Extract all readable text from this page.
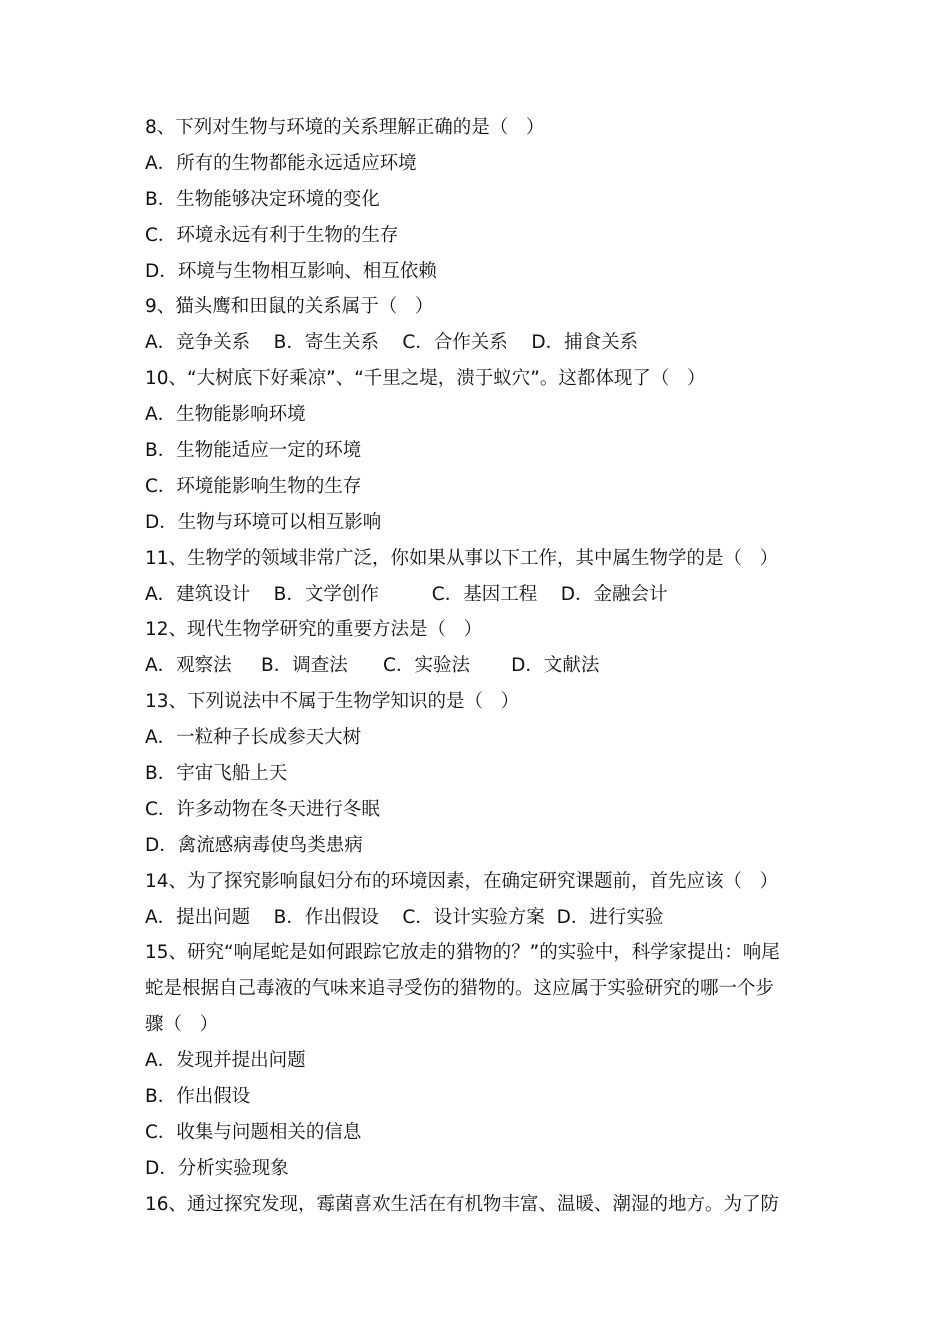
8、下列对生物与环境的关系理解正确的是（   ）
A．所有的生物都能永远适应环境
B．生物能够决定环境的变化
C．环境永远有利于生物的生存
D．环境与生物相互影响、相互依赖
9、猫头鹰和田鼠的关系属于（   ）
A．竞争关系    B．寄生关系    C．合作关系    D．捕食关系
10、“大树底下好乘凉”、“千里之堤，溃于蚁穴”。这都体现了（   ）
A．生物能影响环境
B．生物能适应一定的环境
C．环境能影响生物的生存
D．生物与环境可以相互影响
11、生物学的领域非常广泛，你如果从事以下工作，其中属生物学的是（   ）
A．建筑设计    B．文学创作         C．基因工程    D．金融会计
12、现代生物学研究的重要方法是（   ）
A．观察法     B．调查法      C．实验法       D．文献法
13、下列说法中不属于生物学知识的是（   ）
A．一粒种子长成参天大树
B．宇宙飞船上天
C．许多动物在冬天进行冬眠
D．禽流感病毒使鸟类患病
14、为了探究影响鼠妇分布的环境因素，在确定研究课题前，首先应该（   ）
A．提出问题    B．作出假设    C．设计实验方案  D．进行实验
15、研究“响尾蛇是如何跟踪它放走的猎物的？”的实验中，科学家提出：响尾
蛇是根据自己毒液的气味来追寻受伤的猎物的。这应属于实验研究的哪一个步
骤（   ）
A．发现并提出问题
B．作出假设
C．收集与问题相关的信息
D．分析实验现象
16、通过探究发现，霉菌喜欢生活在有机物丰富、温暖、潮湿的地方。为了防
